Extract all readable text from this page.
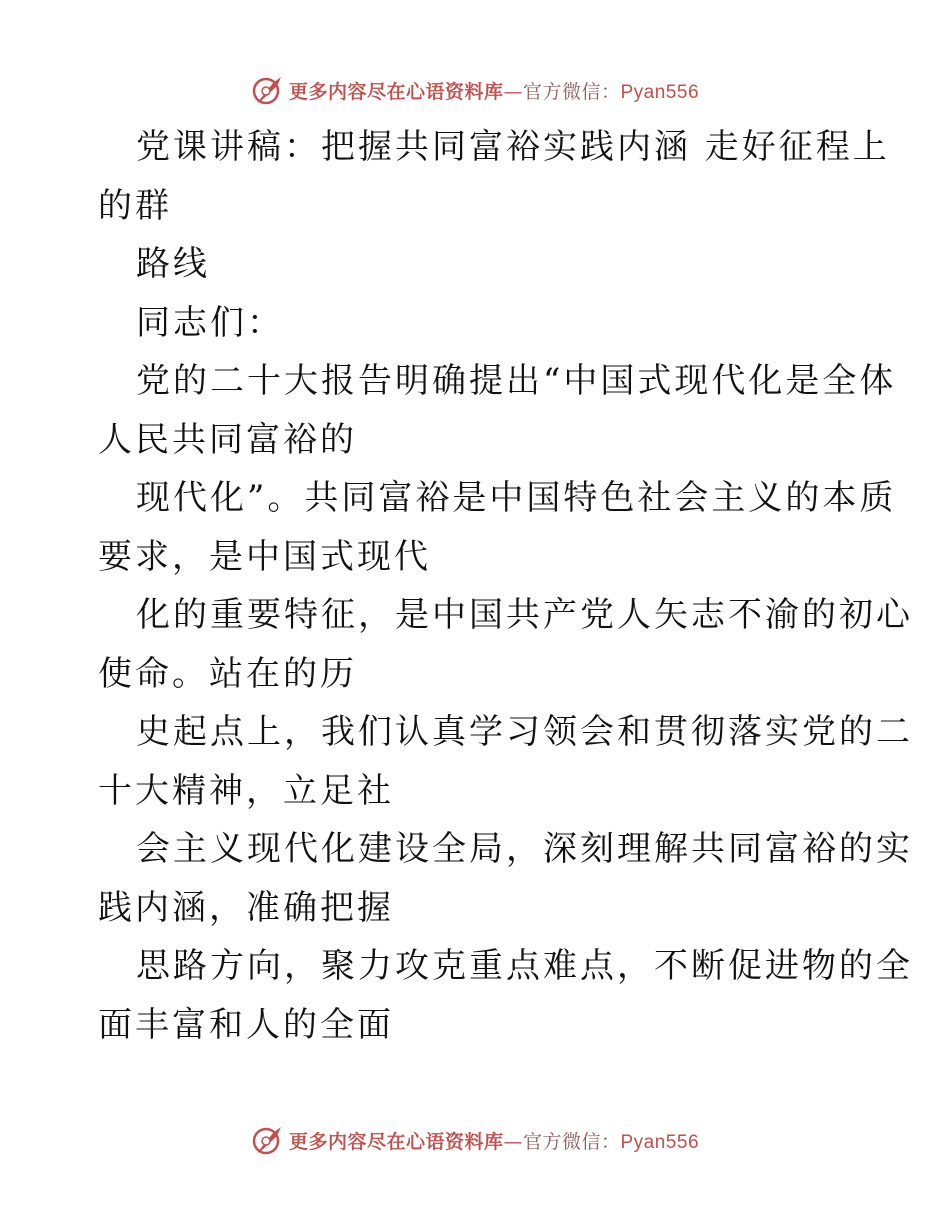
更多内容尽在心语资料库—官方微信：Pyan556
党课讲稿：把握共同富裕实践内涵 走好征程上
的群
路线
同志们：
党的二十大报告明确提出“中国式现代化是全体
人民共同富裕的
现代化”。共同富裕是中国特色社会主义的本质
要求，是中国式现代
化的重要特征，是中国共产党人矢志不渝的初心
使命。站在的历
史起点上，我们认真学习领会和贯彻落实党的二
十大精神，立足社
会主义现代化建设全局，深刻理解共同富裕的实
践内涵，准确把握
思路方向，聚力攻克重点难点，不断促进物的全
面丰富和人的全面
更多内容尽在心语资料库—官方微信：Pyan556
